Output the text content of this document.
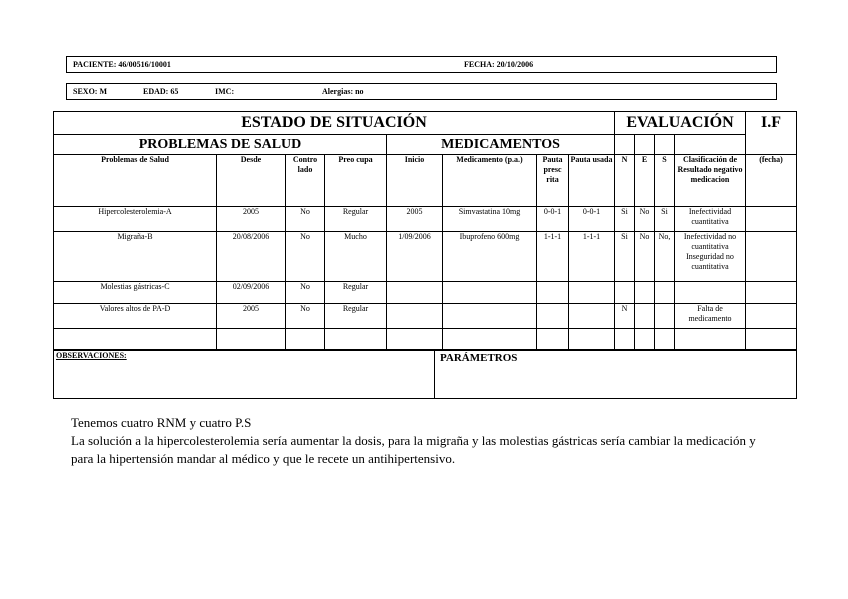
PACIENTE: 46/00516/10001	FECHA: 20/10/2006
SEXO: M	EDAD: 65	IMC:	Alergias: no
ESTADO DE SITUACIÓN								EVALUACIÓN				I.F
PROBLEMAS DE SALUD				MEDICAMENTOS								
Problemas de Salud	Desde	Contro lado	Preo cupa	Inicio	Medicamento (p.a.)	Pauta presc rita	Pauta usada	N	E	S	Clasificación de Resultado negativo medicacion	(fecha)
Hipercolesterolemia-A	2005	No	Regular	2005	Simvastatina 10mg	0-0-1	0-0-1	Si	No	Si	Inefectividad cuantitativa	
Migraña-B	20/08/2006	No	Mucho	1/09/2006	Ibuprofeno 600mg	1-1-1	1-1-1	Si	No	No,	Inefectividad no cuantitativa Inseguridad no cuantitativa	
Molestias gástricas-C	02/09/2006	No	Regular									
Valores altos de PA-D	2005	No	Regular					N			Falta de medicamento	

OBSERVACIONES:	PARÁMETROS

Tenemos cuatro RNM y cuatro P.S

La solución a la hipercolesterolemia sería aumentar la dosis, para la migraña y las molestias gástricas sería cambiar la medicación y para la hipertensión mandar al médico y que le recete un antihipertensivo.
